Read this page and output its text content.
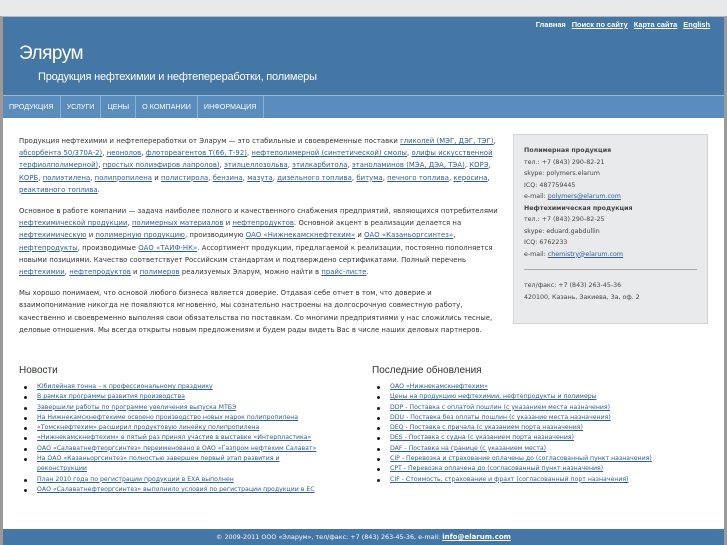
Главная Поиск по сайту Карта сайта English
Элярум
Продукция нефтехимии и нефтепереработки, полимеры
ПРОДУКЦИЯ	УСЛУГИ	ЦЕНЫ	О КОМПАНИИ	ИНФОРМАЦИЯ

Продукция нефтехимии и нефтепереработки от Эларум — это стабильные и своевременные поставки гликолей (МЭГ, ДЭГ, ТЭГ), абсорбента 50/370А-2), неонолов, флотореагентов Т(66, Т-92), нефтеполимерной (синтетической) смолы, олифы искусственной терфиолполимерной), простых полиэфиров лапролов), этилцеллозольва, этилкарбитола, этаноламинов (МЭА, ДЭА, ТЭА), КОРЭ, КОРБ, полиэтилена, полипропилена и полистирола, бензина, мазута, дизельного топлива, битума, печного топлива, керосина, реактивного топлива.

Основное в работе компании — задача наиболее полного и качественного снабжения предприятий, являющихся потребителями нефтехимической продукции, полимерных материалов и нефтепродуктов. Основной акцент в реализации делается на нефтехимическую и полимерную продукцию, производимую ОАО «Нижнекамскнефтехим» и ОАО «Казаньоргсинтез», нефтепродукты, производимые ОАО «ТАИФ-НК». Ассортимент продукции, предлагаемой к реализации, постоянно пополняется новыми позициями. Качество соответствует Российским стандартам и подтверждено сертификатами. Полный перечень нефтехимии, нефтепродуктов и полимеров реализуемых Эларум, можно найти в прайс-листе.

Мы хорошо понимаем, что основой любого бизнеса является доверие. Отдавая себе отчет в том, что доверие и взаимопонимание никогда не появляются мгновенно, мы сознательно настроены на долгосрочную совместную работу, качественно и своевременно выполняя свои обязательства по поставкам. Со многими предприятиями у нас сложились тесные, деловые отношения. Мы всегда открыты новым предложениям и будем рады видеть Вас в числе наших деловых партнеров.

Полимерная продукция
тел.: +7 (843) 290-82-21
skype: polymers.elarum
ICQ: 487759445
e-mail: polymers@elarum.com
Нефтехимическая продукция
тел.: +7 (843) 290-82-25
skype: eduard.gabdullin
ICQ: 6762233
e-mail: chemistry@elarum.com
тел/факс: +7 (843) 263-45-36
420100, Казань, Закиева, 3а, оф. 2
Новости
Юбилейная тонна – к профессиональному празднику
В рамках программы развития производства
Завершили работы по программе увеличения выпуска МТБЭ
На Нижнекамскнефтехиме освоено производство новых марок полипропилена
«Томскнефтехим» расширил продуктовую линейку полипропилена
«Нижнекамскнефтехим» в пятый раз принял участие в выставке «Интерпластика»
ОАО «Салаватнефтеоргсинтез» переименовано в ОАО «Газпром нефтехим Салават»
На ОАО «Казаньоргсинтез» полностью завершен первый этап развития и реконструкции
План 2010 года по регистрации продукции в ЕХА выполнен
ОАО «Салаватнефтеоргсинтез» выполнило условия по регистрации продукции в ЕС
Последние обновления
ОАО «Нижнекамскнефтехим»
Цены на продукцию нефтехимии, нефтепродукты и полимеры
DDP - Поставка с оплатой пошлин (с указанием места назначения)
DDU - Поставка без оплаты пошлин (с указание места назначения)
DEQ - Поставка с причала (с указанием порта назначения)
DES - Поставка с судна (с указанием порта назначения)
DAF - Поставка на границе (с указанием места)
CIP - Перевозка и страхование оплачены до (согласованный пункт назначения)
CPT - Перевозка оплачена до (согласованный пункт назначения)
CIF - Стоимость, страхование и фрахт (согласованный порт назначения)
© 2009-2011 ООО «Эларум», тел/факс: +7 (843) 263-45-36, e-mail: info@elarum.com
